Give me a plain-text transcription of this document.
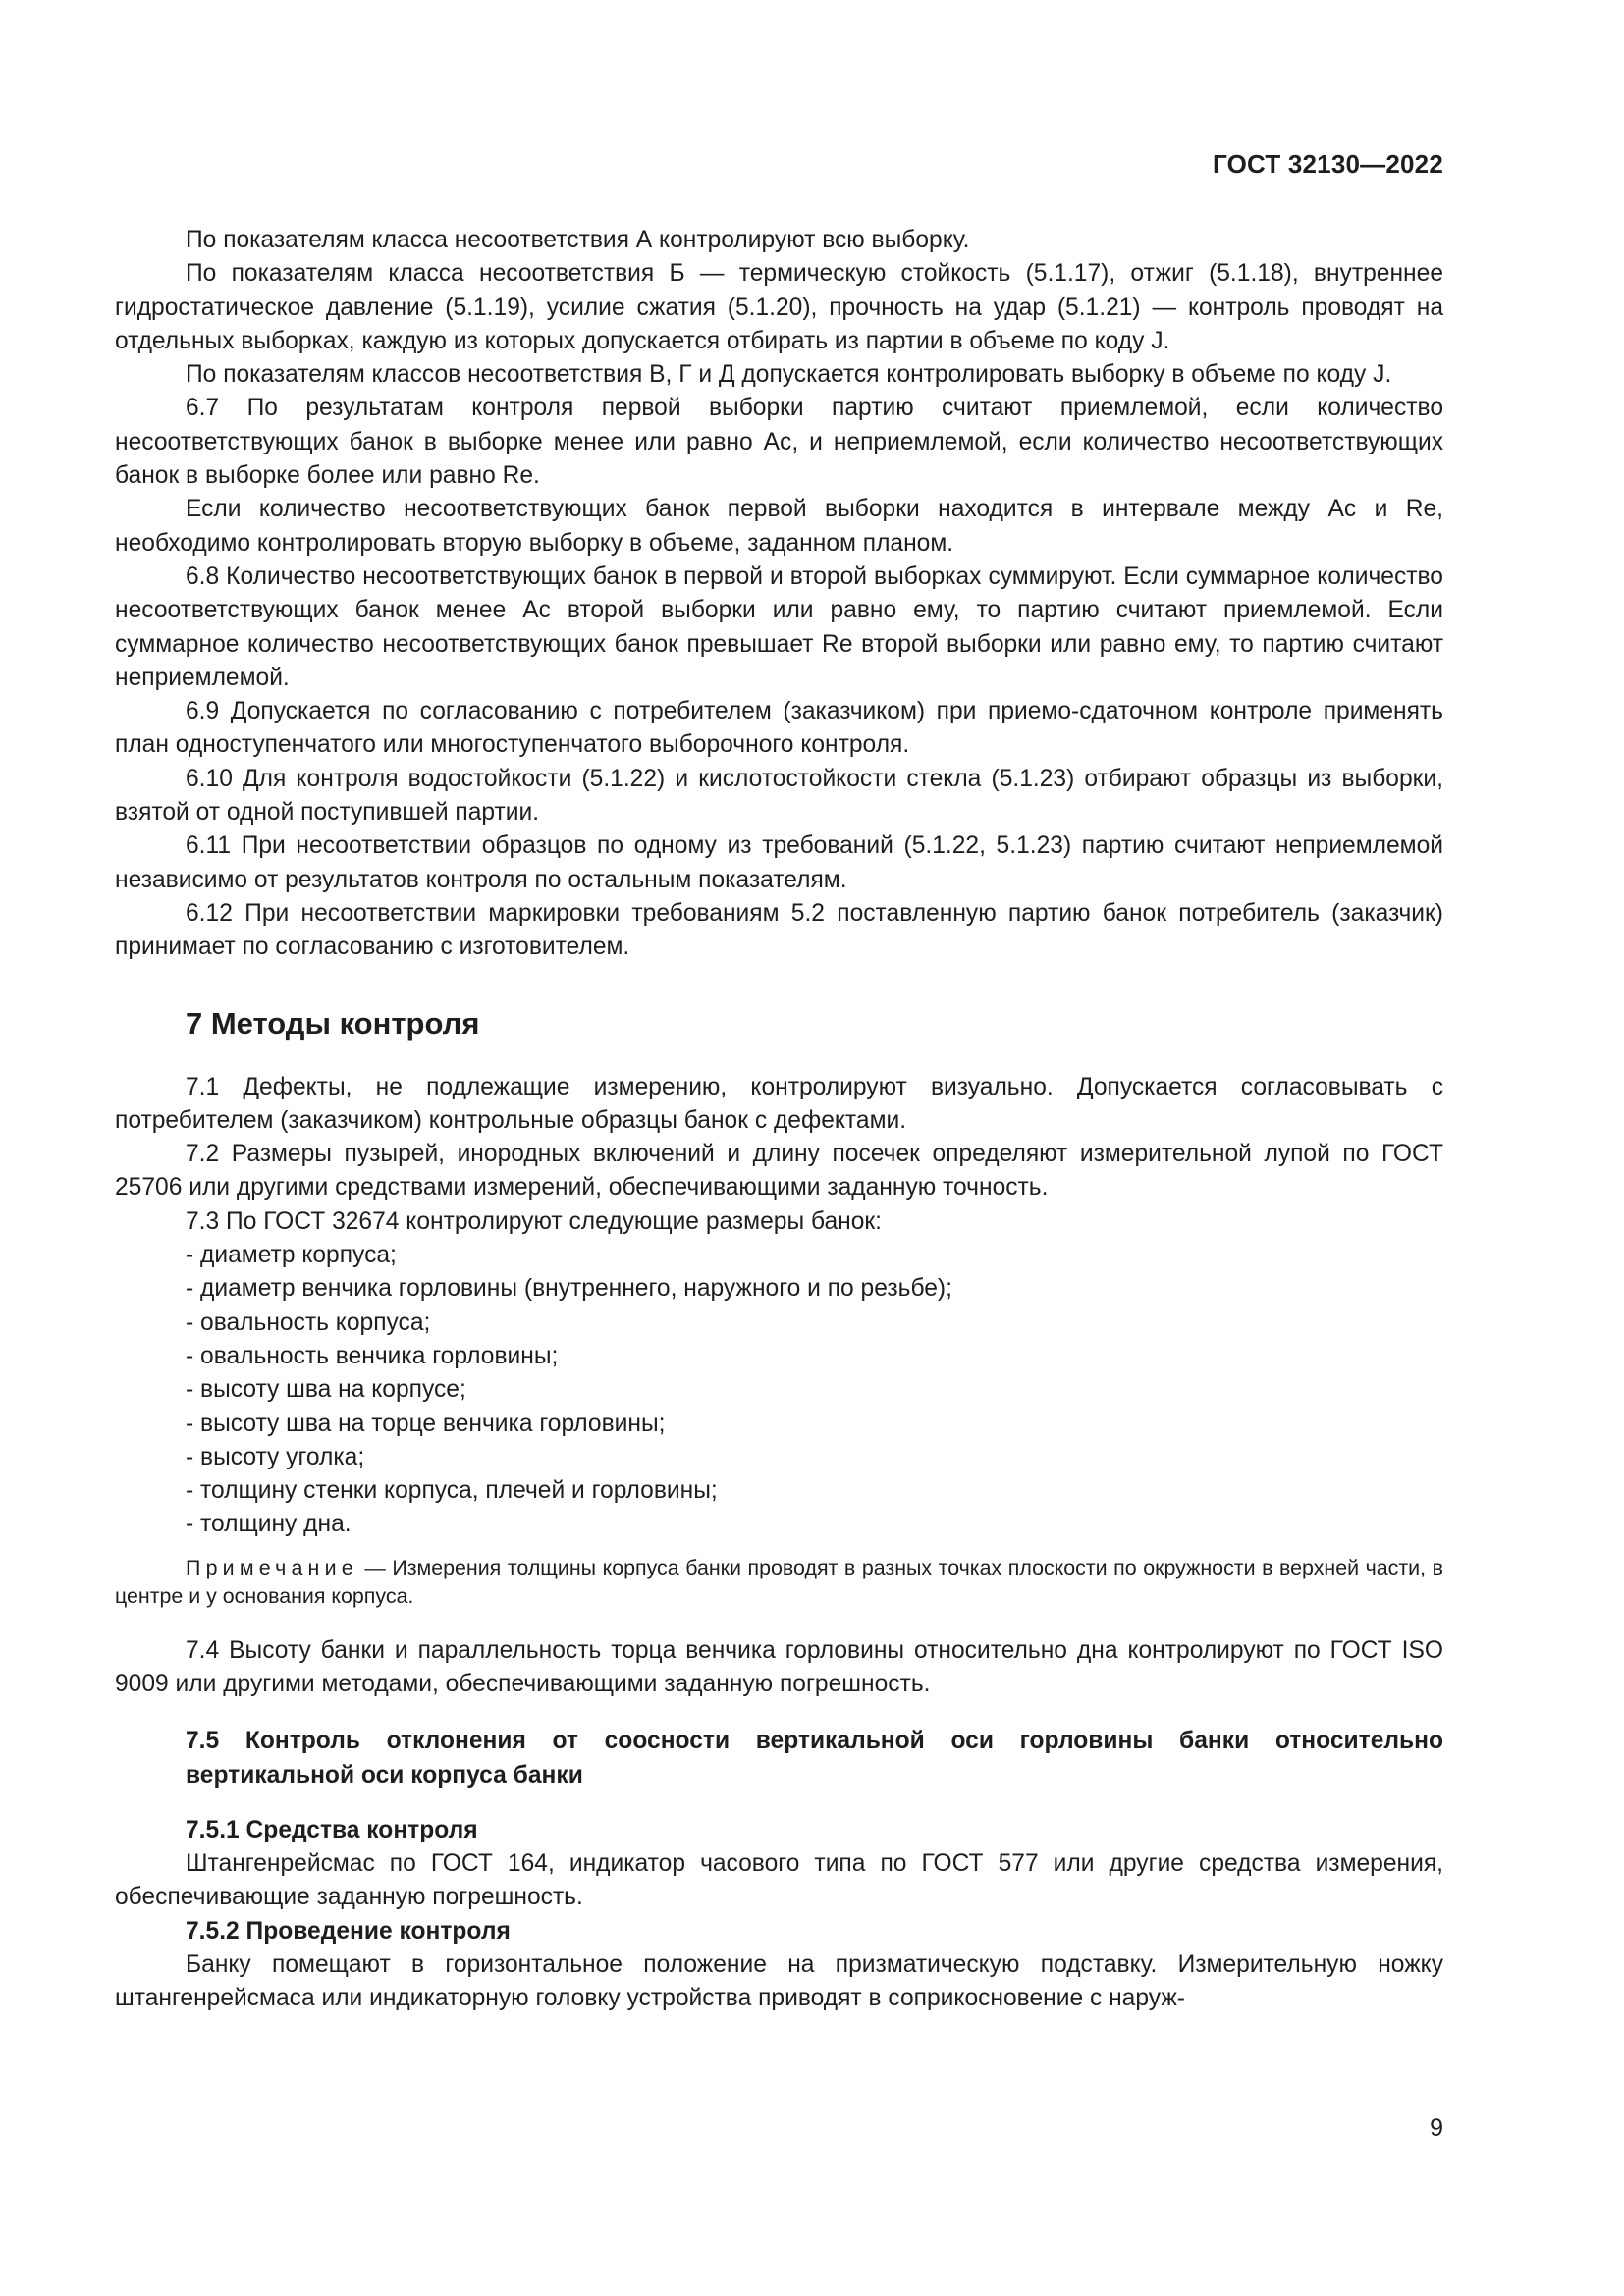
ГОСТ 32130—2022

По показателям класса несоответствия А контролируют всю выборку.

По показателям класса несоответствия Б — термическую стойкость (5.1.17), отжиг (5.1.18), внутреннее гидростатическое давление (5.1.19), усилие сжатия (5.1.20), прочность на удар (5.1.21) — контроль проводят на отдельных выборках, каждую из которых допускается отбирать из партии в объеме по коду J.

По показателям классов несоответствия В, Г и Д допускается контролировать выборку в объеме по коду J.

6.7 По результатам контроля первой выборки партию считают приемлемой, если количество несоответствующих банок в выборке менее или равно Ac, и неприемлемой, если количество несоответствующих банок в выборке более или равно Re.

Если количество несоответствующих банок первой выборки находится в интервале между Ac и Re, необходимо контролировать вторую выборку в объеме, заданном планом.

6.8 Количество несоответствующих банок в первой и второй выборках суммируют. Если суммарное количество несоответствующих банок менее Ac второй выборки или равно ему, то партию считают приемлемой. Если суммарное количество несоответствующих банок превышает Re второй выборки или равно ему, то партию считают неприемлемой.

6.9 Допускается по согласованию с потребителем (заказчиком) при приемо-сдаточном контроле применять план одноступенчатого или многоступенчатого выборочного контроля.

6.10 Для контроля водостойкости (5.1.22) и кислотостойкости стекла (5.1.23) отбирают образцы из выборки, взятой от одной поступившей партии.

6.11 При несоответствии образцов по одному из требований (5.1.22, 5.1.23) партию считают неприемлемой независимо от результатов контроля по остальным показателям.

6.12 При несоответствии маркировки требованиям 5.2 поставленную партию банок потребитель (заказчик) принимает по согласованию с изготовителем.

7 Методы контроля

7.1 Дефекты, не подлежащие измерению, контролируют визуально. Допускается согласовывать с потребителем (заказчиком) контрольные образцы банок с дефектами.

7.2 Размеры пузырей, инородных включений и длину посечек определяют измерительной лупой по ГОСТ 25706 или другими средствами измерений, обеспечивающими заданную точность.

7.3 По ГОСТ 32674 контролируют следующие размеры банок:

- диаметр корпуса;
- диаметр венчика горловины (внутреннего, наружного и по резьбе);
- овальность корпуса;
- овальность венчика горловины;
- высоту шва на корпусе;
- высоту шва на торце венчика горловины;
- высоту уголка;
- толщину стенки корпуса, плечей и горловины;
- толщину дна.

Примечание — Измерения толщины корпуса банки проводят в разных точках плоскости по окружности в верхней части, в центре и у основания корпуса.

7.4 Высоту банки и параллельность торца венчика горловины относительно дна контролируют по ГОСТ ISO 9009 или другими методами, обеспечивающими заданную погрешность.

7.5 Контроль отклонения от соосности вертикальной оси горловины банки относительно вертикальной оси корпуса банки
7.5.1 Средства контроля

Штангенрейсмас по ГОСТ 164, индикатор часового типа по ГОСТ 577 или другие средства измерения, обеспечивающие заданную погрешность.

7.5.2 Проведение контроля

Банку помещают в горизонтальное положение на призматическую подставку. Измерительную ножку штангенрейсмаса или индикаторную головку устройства приводят в соприкосновение с наруж-

9
